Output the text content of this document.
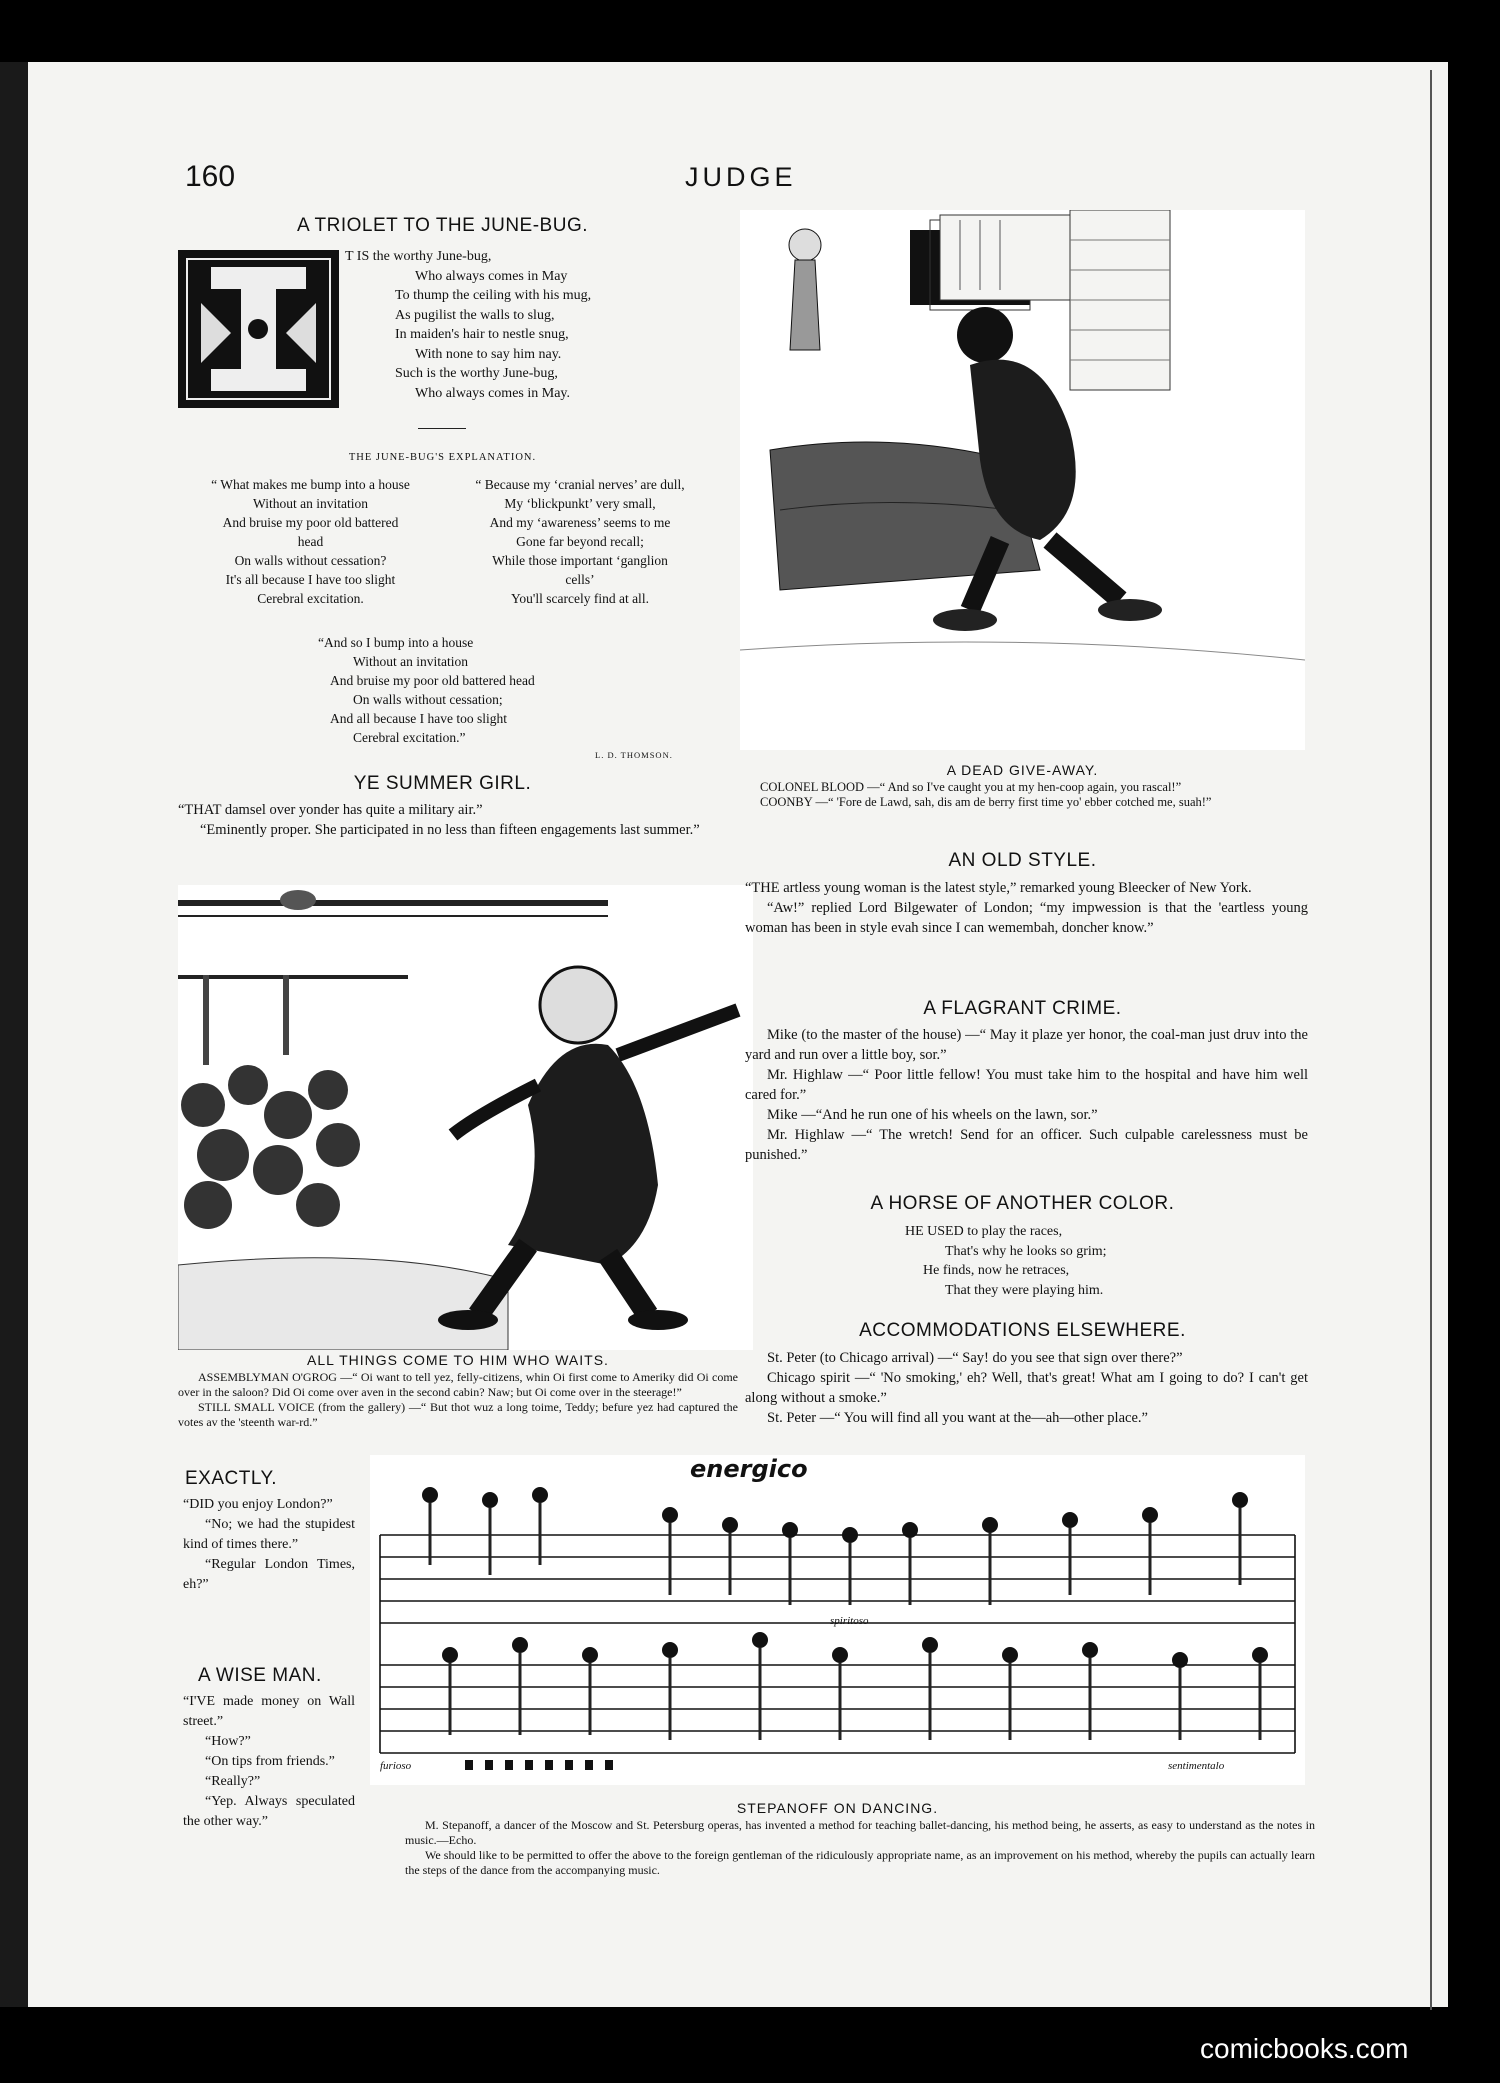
160	JUDGE
A TRIOLET TO THE JUNE-BUG.
T IS the worthy June-bug,
Who always comes in May
To thump the ceiling with his mug,
As pugilist the walls to slug,
In maiden's hair to nestle snug,
With none to say him nay.
Such is the worthy June-bug,
Who always comes in May.
THE JUNE-BUG'S EXPLANATION.
“ What makes me bump into a house
Without an invitation
And bruise my poor old battered
head
On walls without cessation?
It's all because I have too slight
Cerebral excitation.
“ Because my ‘cranial nerves’ are dull,
My ‘blickpunkt’ very small,
And my ‘awareness’ seems to me
Gone far beyond recall;
While those important ‘ganglion
cells’
You'll scarcely find at all.
“And so I bump into a house
Without an invitation
And bruise my poor old battered head
On walls without cessation;
And all because I have too slight
Cerebral excitation.”
L. D. THOMSON.
YE SUMMER GIRL.

“THAT damsel over yonder has quite a military air.”

“Eminently proper. She participated in no less than fifteen engagements last summer.”

ALL THINGS COME TO HIM WHO WAITS.

ASSEMBLYMAN O'GROG —“ Oi want to tell yez, felly-citizens, whin Oi first come to Ameriky did Oi come over in the saloon? Did Oi come over aven in the second cabin? Naw; but Oi come over in the steerage!”

STILL SMALL VOICE (from the gallery) —“ But thot wuz a long toime, Teddy; befure yez had captured the votes av the 'steenth war-rd.”

A DEAD GIVE-AWAY.

COLONEL BLOOD —“ And so I've caught you at my hen-coop again, you rascal!”

COONBY —“ 'Fore de Lawd, sah, dis am de berry first time yo' ebber cotched me, suah!”

AN OLD STYLE.

“THE artless young woman is the latest style,” remarked young Bleecker of New York.

“Aw!” replied Lord Bilgewater of London; “my impwession is that the 'eartless young woman has been in style evah since I can wemembah, doncher know.”

A FLAGRANT CRIME.

Mike (to the master of the house) —“ May it plaze yer honor, the coal-man just druv into the yard and run over a little boy, sor.”

Mr. Highlaw —“ Poor little fellow! You must take him to the hospital and have him well cared for.”

Mike —“And he run one of his wheels on the lawn, sor.”

Mr. Highlaw —“ The wretch! Send for an officer. Such culpable carelessness must be punished.”

A HORSE OF ANOTHER COLOR.
HE USED to play the races,
That's why he looks so grim;
He finds, now he retraces,
That they were playing him.
ACCOMMODATIONS ELSEWHERE.

St. Peter (to Chicago arrival) —“ Say! do you see that sign over there?”

Chicago spirit —“ 'No smoking,' eh? Well, that's great! What am I going to do? I can't get along without a smoke.”

St. Peter —“ You will find all you want at the—ah—other place.”

EXACTLY.

“DID you enjoy London?”

“No; we had the stupidest kind of times there.”

“Regular London Times, eh?”

A WISE MAN.

“I'VE made money on Wall street.”

“How?”

“On tips from friends.”

“Really?”

“Yep. Always speculated the other way.”

energico
spiritoso
furioso	sentimentalo
STEPANOFF ON DANCING.

M. Stepanoff, a dancer of the Moscow and St. Petersburg operas, has invented a method for teaching ballet-dancing, his method being, he asserts, as easy to understand as the notes in music.—Echo.

We should like to be permitted to offer the above to the foreign gentleman of the ridiculously appropriate name, as an improvement on his method, whereby the pupils can actually learn the steps of the dance from the accompanying music.

comicbooks.com
